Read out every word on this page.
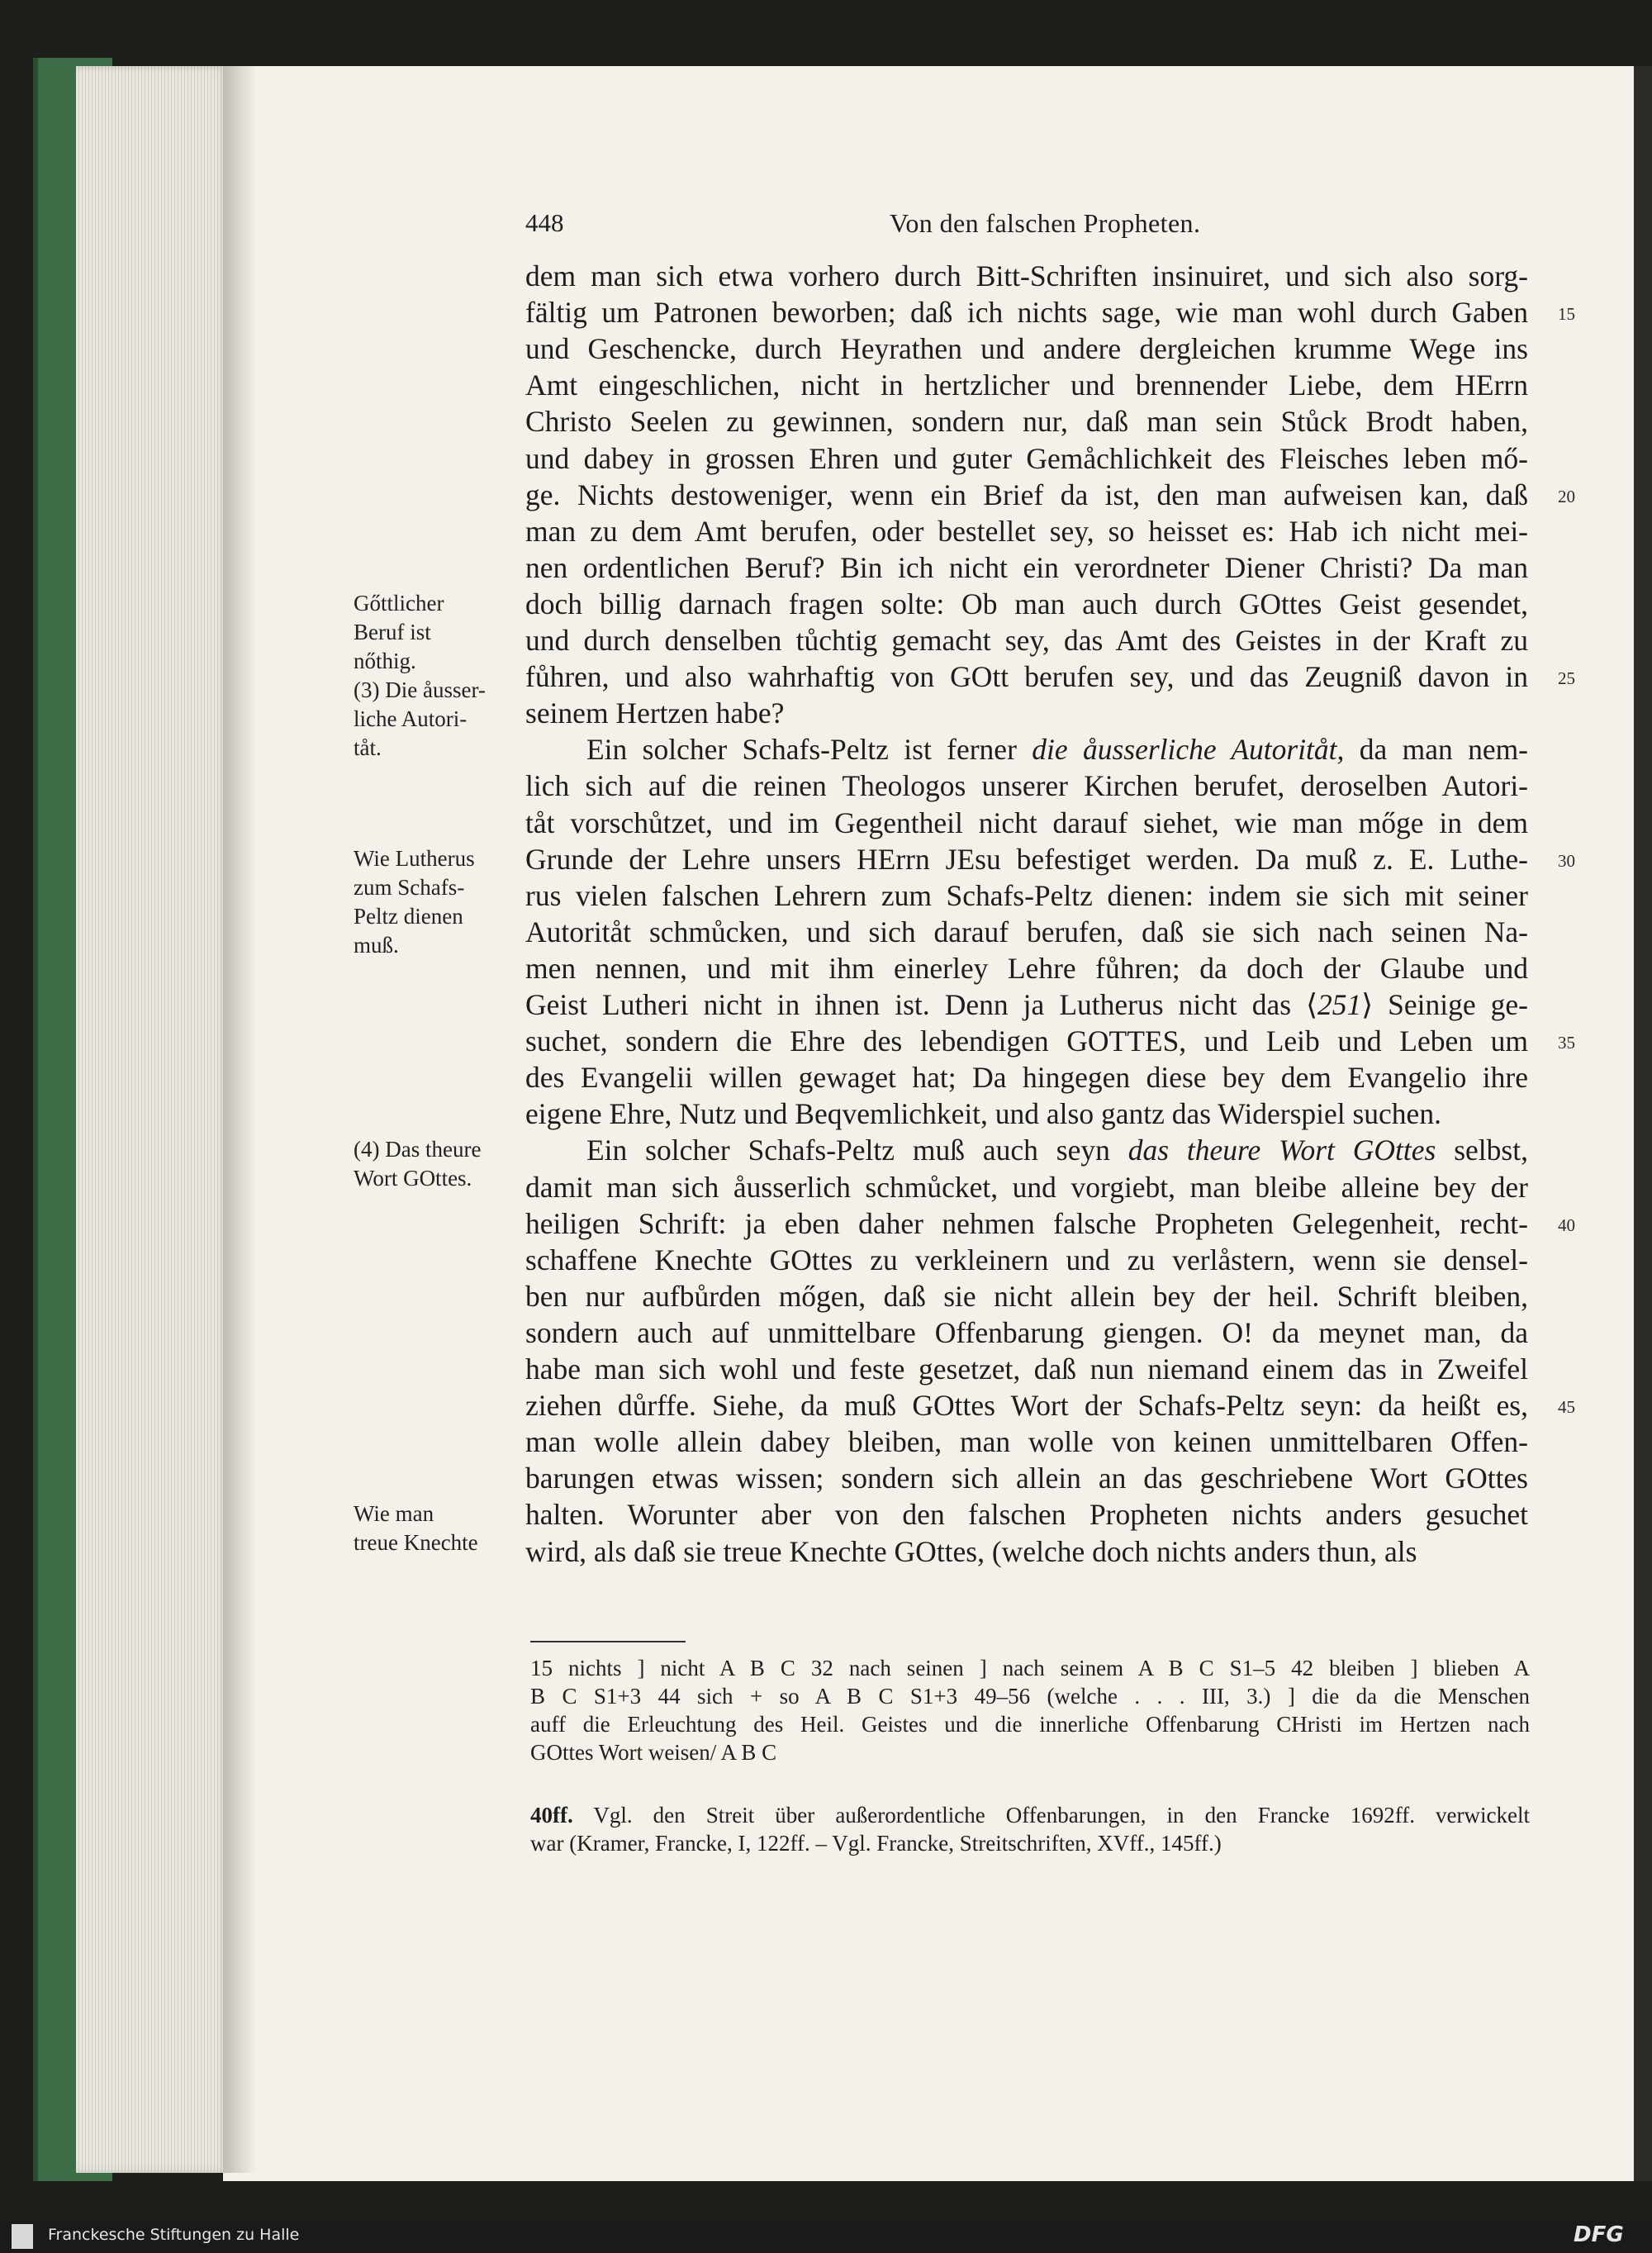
448	Von den falschen Propheten.
dem man sich etwa vorhero durch Bitt-Schriften insinuiret, und sich also sorg-
fältig um Patronen beworben; daß ich nichts sage, wie man wohl durch Gaben
und Geschencke, durch Heyrathen und andere dergleichen krumme Wege ins
Amt eingeschlichen, nicht in hertzlicher und brennender Liebe, dem HErrn
Christo Seelen zu gewinnen, sondern nur, daß man sein Stůck Brodt haben,
und dabey in grossen Ehren und guter Gemåchlichkeit des Fleisches leben mő-
ge. Nichts destoweniger, wenn ein Brief da ist, den man aufweisen kan, daß
man zu dem Amt berufen, oder bestellet sey, so heisset es: Hab ich nicht mei-
nen ordentlichen Beruf? Bin ich nicht ein verordneter Diener Christi? Da man
doch billig darnach fragen solte: Ob man auch durch GOttes Geist gesendet,
und durch denselben tůchtig gemacht sey, das Amt des Geistes in der Kraft zu
fůhren, und also wahrhaftig von GOtt berufen sey, und das Zeugniß davon in
seinem Hertzen habe?
Ein solcher Schafs-Peltz ist ferner die åusserliche Autoritåt, da man nem-
lich sich auf die reinen Theologos unserer Kirchen berufet, deroselben Autori-
tåt vorschůtzet, und im Gegentheil nicht darauf siehet, wie man mőge in dem
Grunde der Lehre unsers HErrn JEsu befestiget werden. Da muß z. E. Luthe-
rus vielen falschen Lehrern zum Schafs-Peltz dienen: indem sie sich mit seiner
Autoritåt schmůcken, und sich darauf berufen, daß sie sich nach seinen Na-
men nennen, und mit ihm einerley Lehre fůhren; da doch der Glaube und
Geist Lutheri nicht in ihnen ist. Denn ja Lutherus nicht das ⟨251⟩ Seinige ge-
suchet, sondern die Ehre des lebendigen GOTTES, und Leib und Leben um
des Evangelii willen gewaget hat; Da hingegen diese bey dem Evangelio ihre
eigene Ehre, Nutz und Beqvemlichkeit, und also gantz das Widerspiel suchen.
Ein solcher Schafs-Peltz muß auch seyn das theure Wort GOttes selbst,
damit man sich åusserlich schmůcket, und vorgiebt, man bleibe alleine bey der
heiligen Schrift: ja eben daher nehmen falsche Propheten Gelegenheit, recht-
schaffene Knechte GOttes zu verkleinern und zu verlåstern, wenn sie densel-
ben nur aufbůrden mőgen, daß sie nicht allein bey der heil. Schrift bleiben,
sondern auch auf unmittelbare Offenbarung giengen. O! da meynet man, da
habe man sich wohl und feste gesetzet, daß nun niemand einem das in Zweifel
ziehen důrffe. Siehe, da muß GOttes Wort der Schafs-Peltz seyn: da heißt es,
man wolle allein dabey bleiben, man wolle von keinen unmittelbaren Offen-
barungen etwas wissen; sondern sich allein an das geschriebene Wort GOttes
halten. Worunter aber von den falschen Propheten nichts anders gesuchet
wird, als daß sie treue Knechte GOttes, (welche doch nichts anders thun, als
15
20
25
30
35
40
45
Gőttlicher
Beruf ist
nőthig.
(3) Die åusser-
liche Autori-
tåt.
Wie Lutherus
zum Schafs-
Peltz dienen
muß.
(4) Das theure
Wort GOttes.
Wie man
treue Knechte
15 nichts ] nicht A B C 32 nach seinen ] nach seinem A B C S1–5 42 bleiben ] blieben A
B C S1+3 44 sich + so A B C S1+3 49–56 (welche . . . III, 3.) ] die da die Menschen
auff die Erleuchtung des Heil. Geistes und die innerliche Offenbarung CHristi im Hertzen nach
GOttes Wort weisen/ A B C
40ff. Vgl. den Streit über außerordentliche Offenbarungen, in den Francke 1692ff. verwickelt
war (Kramer, Francke, I, 122ff. – Vgl. Francke, Streitschriften, XVff., 145ff.)
Franckesche Stiftungen zu Halle	DFG
